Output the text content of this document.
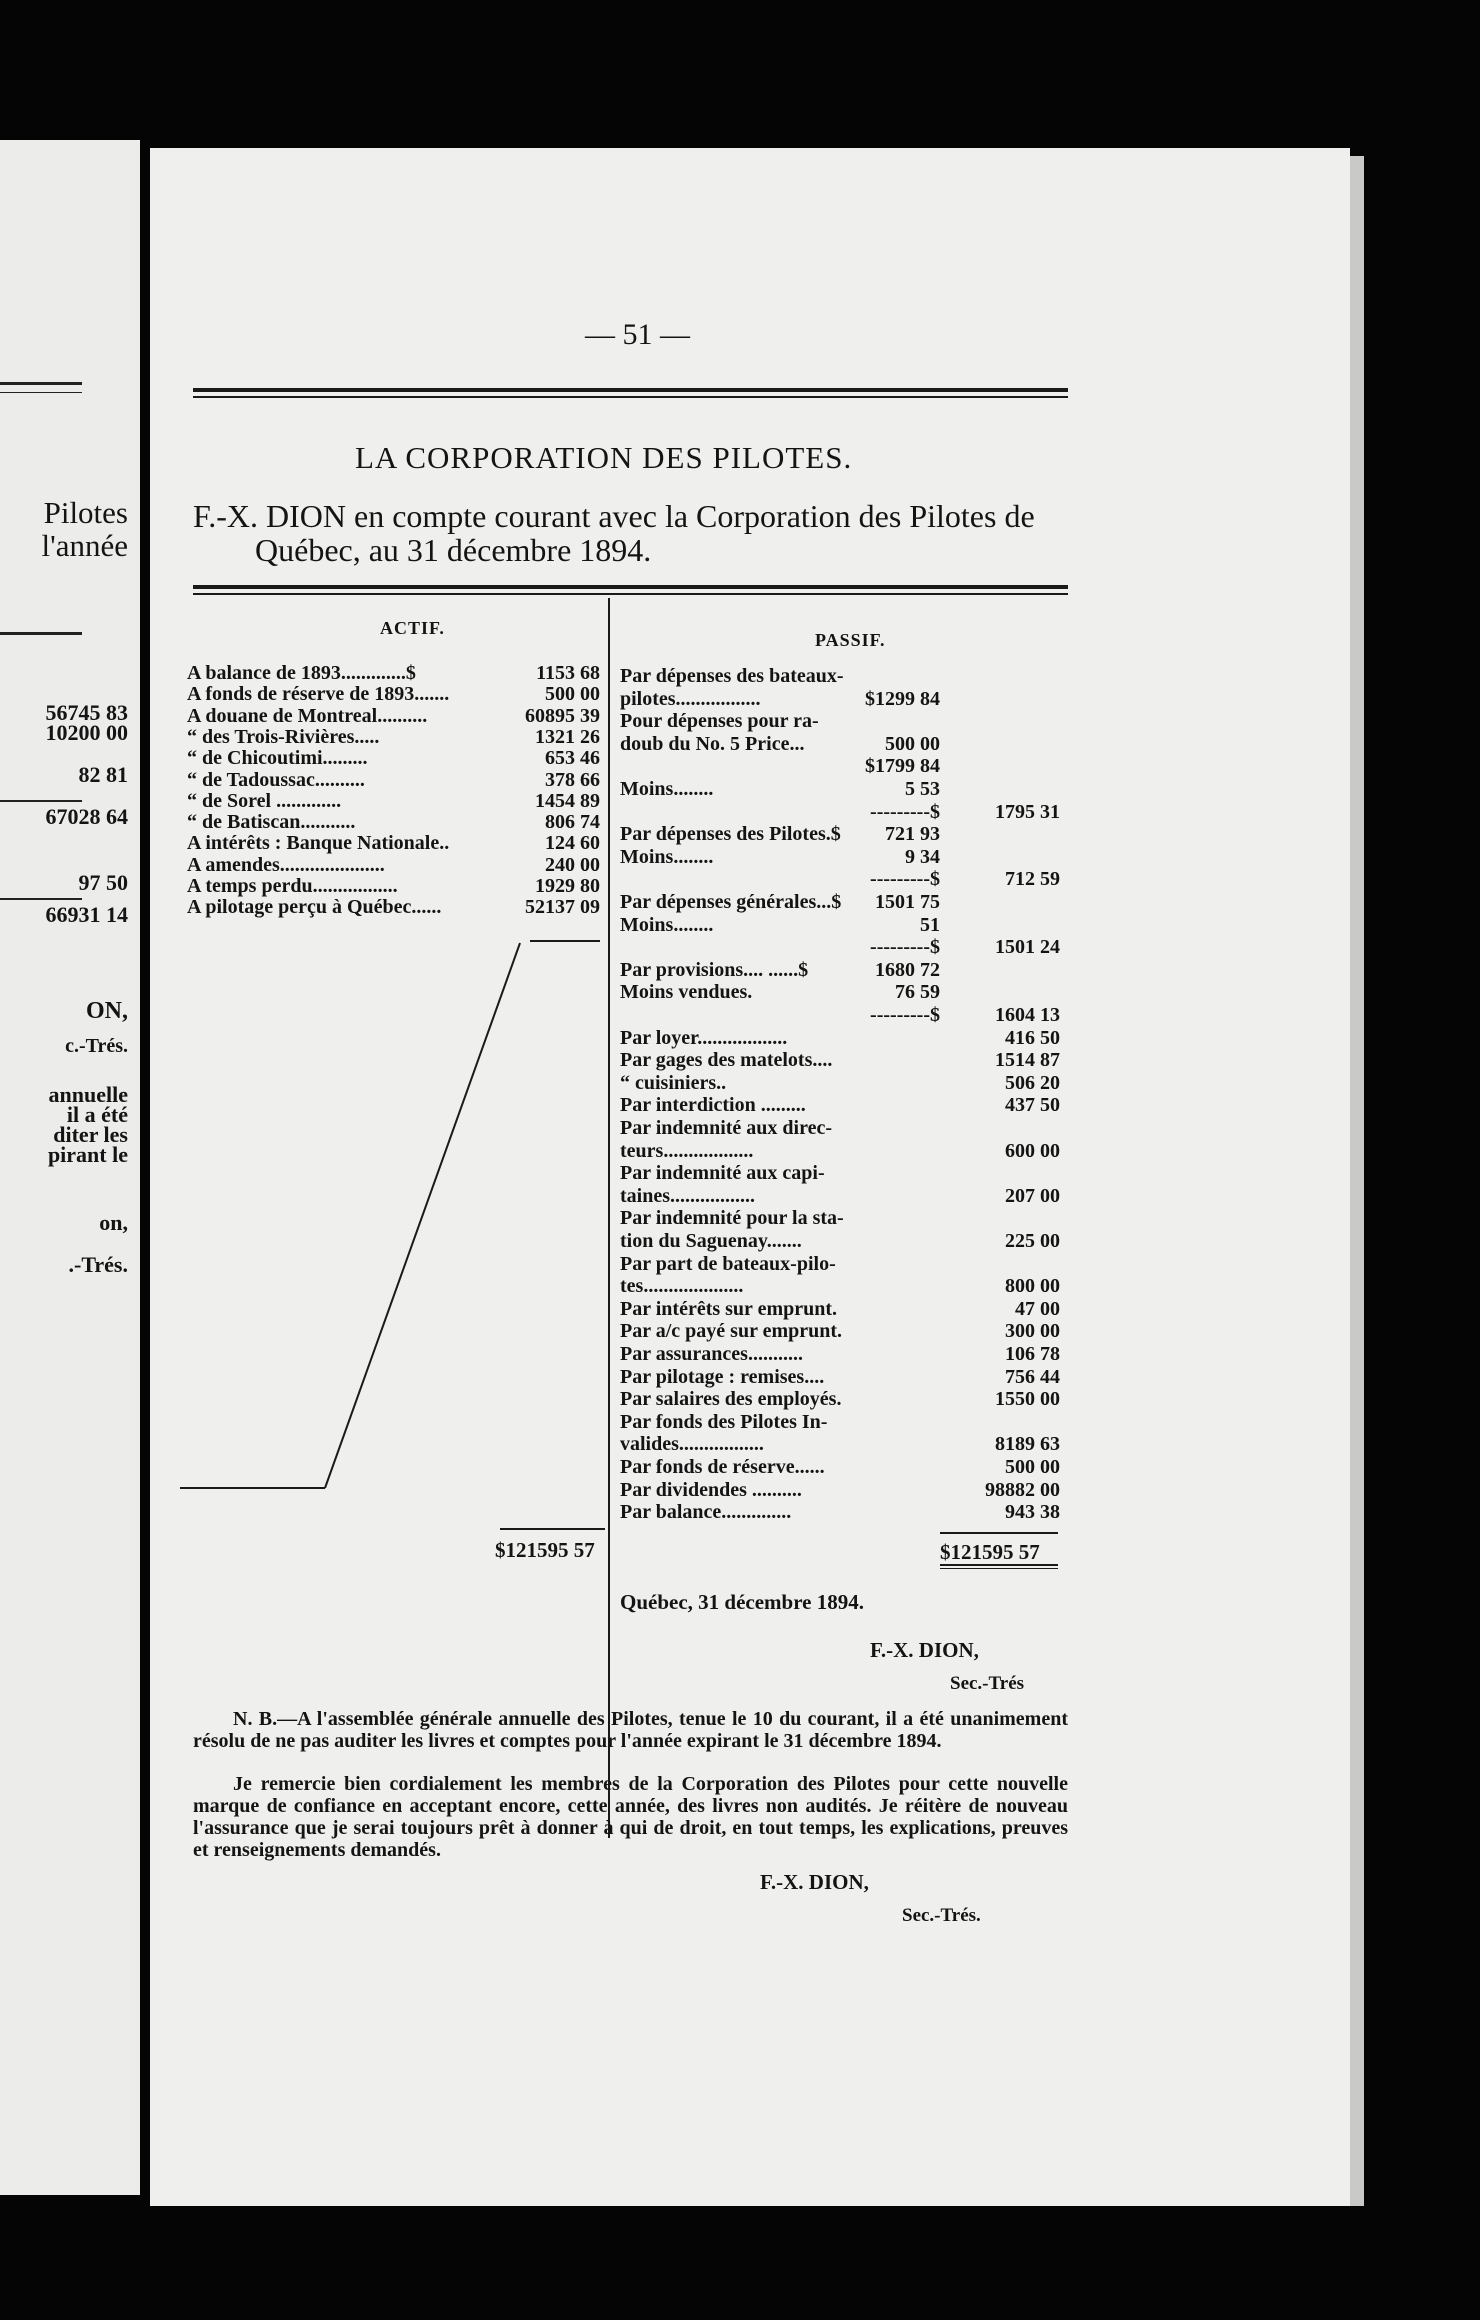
Pilotes
l'année
56745 83
10200 00
82 81
67028 64
97 50
66931 14
ON,
c.-Trés.
annuelle
il a été
diter les
pirant le
on,
.-Trés.
— 51 —
LA CORPORATION DES PILOTES.
F.-X. DION en compte courant avec la Corporation des Pilotes de
Québec, au 31 décembre 1894.
ACTIF.
A balance de 1893.............$	1153 68
A fonds de réserve de 1893.......	500 00
A douane de Montreal..........	60895 39
“ des Trois-Rivières.....	1321 26
“ de Chicoutimi.........	653 46
“ de Tadoussac..........	378 66
“ de Sorel .............	1454 89
“ de Batiscan...........	806 74
A intérêts : Banque Nationale..	124 60
A amendes.....................	240 00
A temps perdu.................	1929 80
A pilotage perçu à Québec......	52137 09
$121595 57
PASSIF.
Par dépenses des bateaux-
pilotes.................	$1299 84
Pour dépenses pour ra-
doub du No. 5 Price...	500 00
$1799 84
Moins........	5 53
---------$	1795 31
Par dépenses des Pilotes.$	721 93
Moins........	9 34
---------$	712 59
Par dépenses générales...$	1501 75
Moins........	51
---------$	1501 24
Par provisions.... ......$	1680 72
Moins vendues.	76 59
---------$	1604 13
Par loyer..................	416 50
Par gages des matelots....	1514 87
“ cuisiniers..	506 20
Par interdiction .........	437 50
Par indemnité aux direc-
teurs..................	600 00
Par indemnité aux capi-
taines.................	207 00
Par indemnité pour la sta-
tion du Saguenay.......	225 00
Par part de bateaux-pilo-
tes....................	800 00
Par intérêts sur emprunt.	47 00
Par a/c payé sur emprunt.	300 00
Par assurances...........	106 78
Par pilotage : remises....	756 44
Par salaires des employés.	1550 00
Par fonds des Pilotes In-
valides.................	8189 63
Par fonds de réserve......	500 00
Par dividendes ..........	98882 00
Par balance..............	943 38
$121595 57
Québec, 31 décembre 1894.
F.-X. DION,
Sec.-Trés
N. B.—A l'assemblée générale annuelle des Pilotes, tenue le 10 du courant, il a été unanimement résolu de ne pas auditer les livres et comptes pour l'année expirant le 31 décembre 1894.
Je remercie bien cordialement les membres de la Corporation des Pilotes pour cette nouvelle marque de confiance en acceptant encore, cette année, des livres non audités. Je réitère de nouveau l'assurance que je serai toujours prêt à donner à qui de droit, en tout temps, les explications, preuves et renseignements demandés.
F.-X. DION,
Sec.-Trés.
